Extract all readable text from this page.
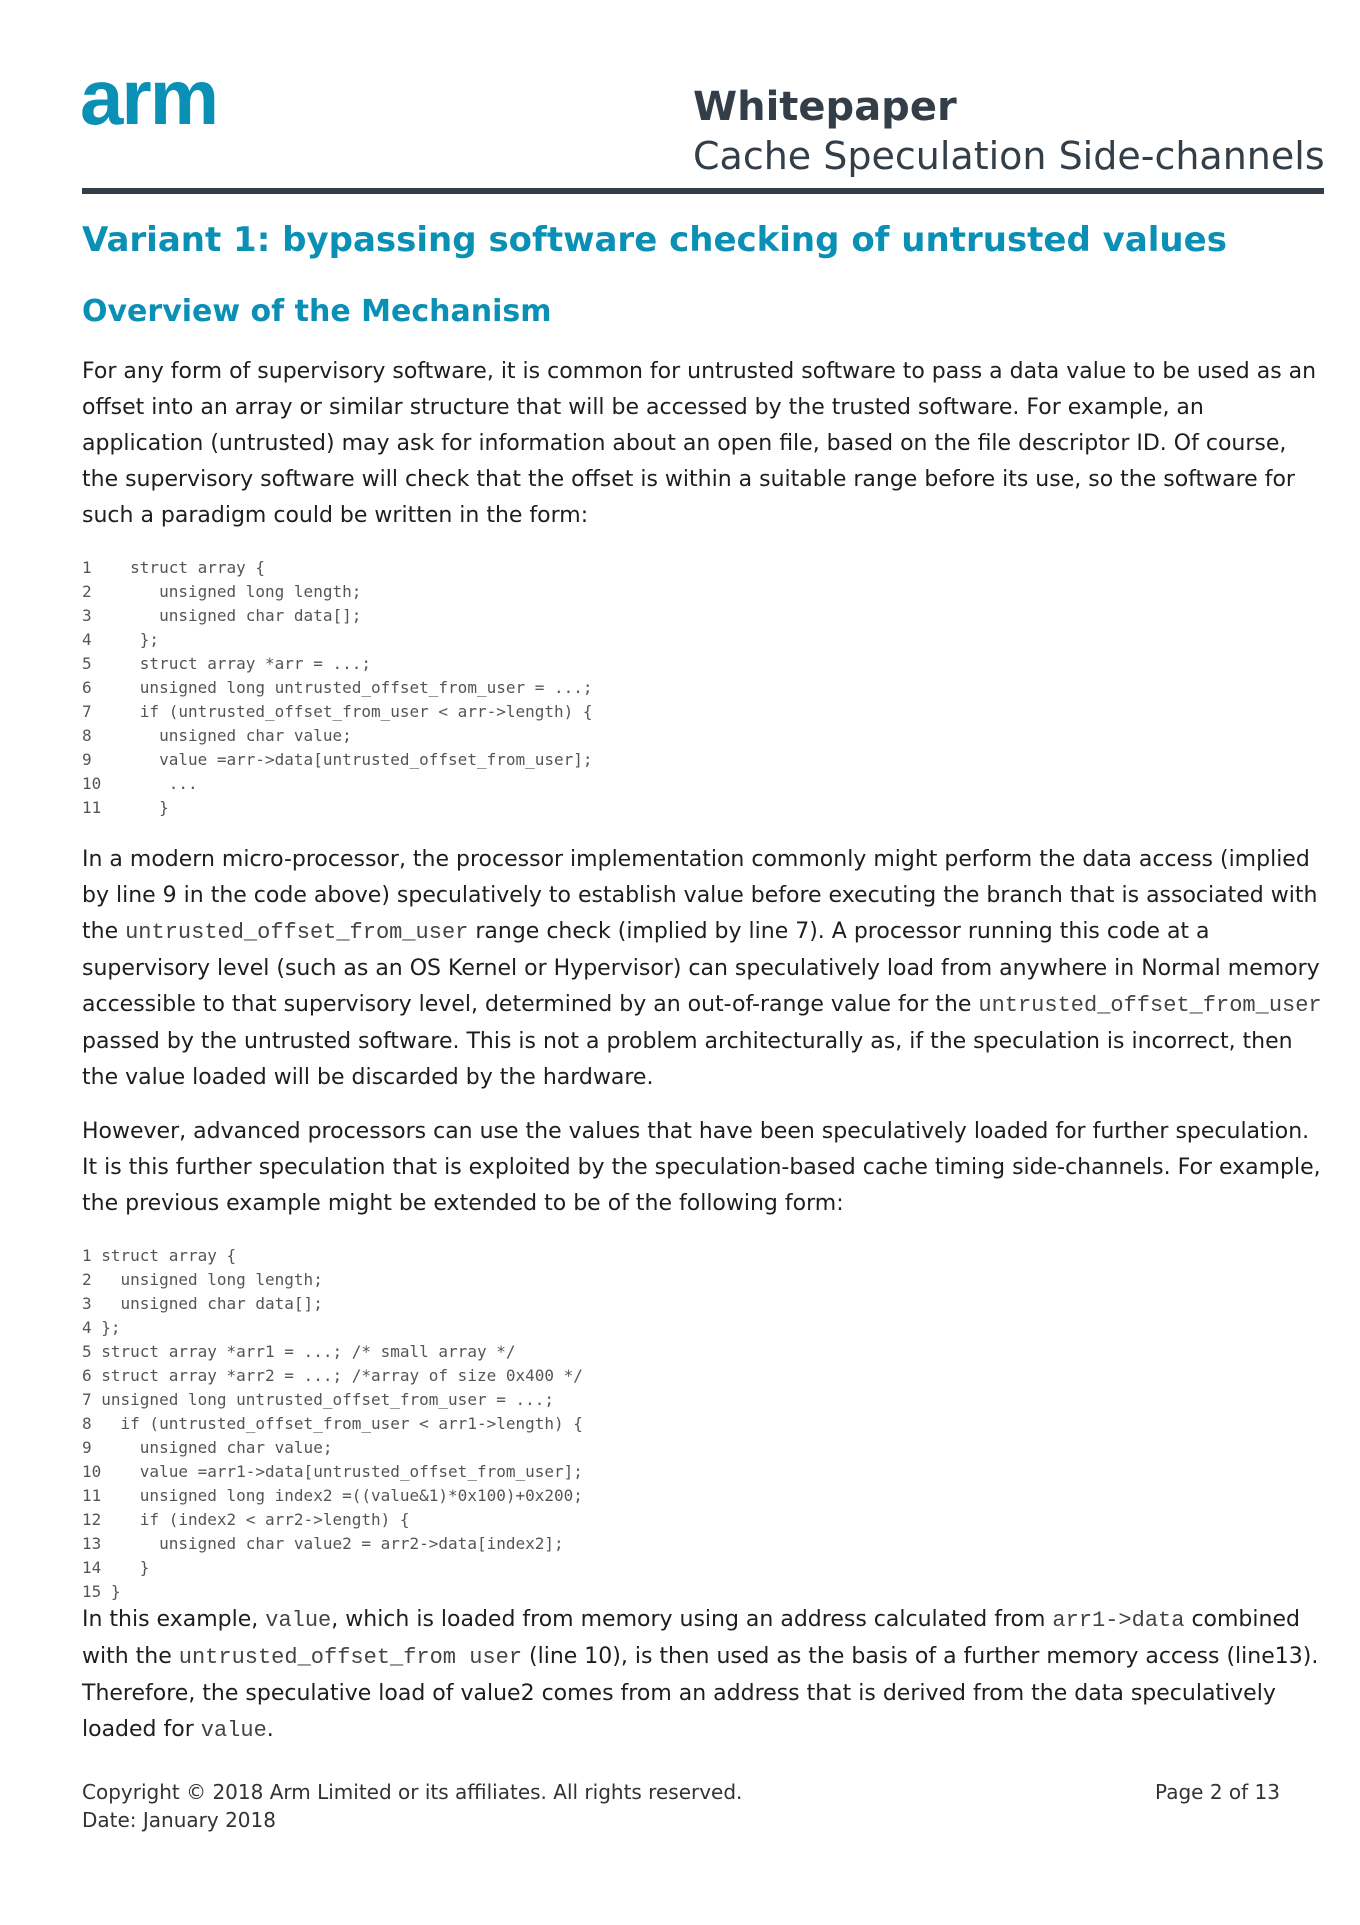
arm	Whitepaper
Cache Speculation Side-channels
Variant 1: bypassing software checking of untrusted values
Overview of the Mechanism
For any form of supervisory software, it is common for untrusted software to pass a data value to be used as an offset into an array or similar structure that will be accessed by the trusted software. For example, an application (untrusted) may ask for information about an open file, based on the file descriptor ID. Of course, the supervisory software will check that the offset is within a suitable range before its use, so the software for such a paradigm could be written in the form:
1    struct array {
2       unsigned long length;
3       unsigned char data[];
4     };
5     struct array *arr = ...;
6     unsigned long untrusted_offset_from_user = ...;
7     if (untrusted_offset_from_user < arr->length) {
8       unsigned char value;
9       value =arr->data[untrusted_offset_from_user];
10       ...
11      }
In a modern micro-processor, the processor implementation commonly might perform the data access (implied by line 9 in the code above) speculatively to establish value before executing the branch that is associated with the untrusted_offset_from_user range check (implied by line 7). A processor running this code at a supervisory level (such as an OS Kernel or Hypervisor) can speculatively load from anywhere in Normal memory accessible to that supervisory level, determined by an out-of-range value for the untrusted_offset_from_user passed by the untrusted software. This is not a problem architecturally as, if the speculation is incorrect, then the value loaded will be discarded by the hardware.
However, advanced processors can use the values that have been speculatively loaded for further speculation. It is this further speculation that is exploited by the speculation-based cache timing side-channels. For example, the previous example might be extended to be of the following form:
1 struct array {
2   unsigned long length;
3   unsigned char data[];
4 };
5 struct array *arr1 = ...; /* small array */
6 struct array *arr2 = ...; /*array of size 0x400 */
7 unsigned long untrusted_offset_from_user = ...;
8   if (untrusted_offset_from_user < arr1->length) {
9     unsigned char value;
10    value =arr1->data[untrusted_offset_from_user];
11    unsigned long index2 =((value&1)*0x100)+0x200;
12    if (index2 < arr2->length) {
13      unsigned char value2 = arr2->data[index2];
14    }
15 }
In this example, value, which is loaded from memory using an address calculated from arr1->data combined with the untrusted_offset_from user (line 10), is then used as the basis of a further memory access (line13). Therefore, the speculative load of value2 comes from an address that is derived from the data speculatively loaded for value.
Copyright © 2018 Arm Limited or its affiliates. All rights reserved.
Date: January 2018
Page 2 of 13
